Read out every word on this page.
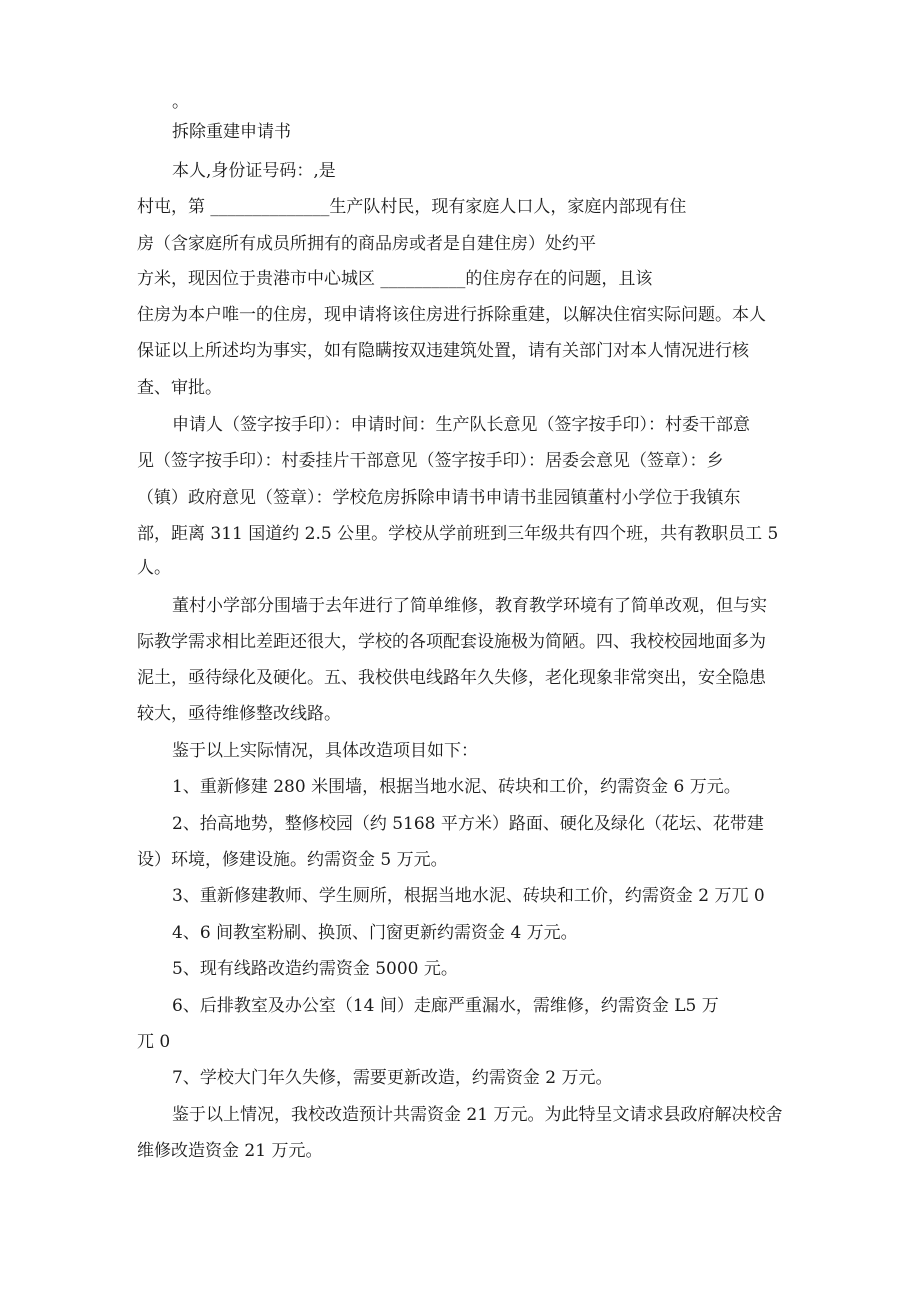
。

拆除重建申请书

本人,身份证号码：,是

村屯，第 ______________生产队村民，现有家庭人口人，家庭内部现有住

房（含家庭所有成员所拥有的商品房或者是自建住房）处约平

方米，现因位于贵港市中心城区 __________的住房存在的问题，且该

住房为本户唯一的住房，现申请将该住房进行拆除重建，以解决住宿实际问题。本人

保证以上所述均为事实，如有隐瞒按双违建筑处置，请有关部门对本人情况进行核

查、审批。

申请人（签字按手印）：申请时间：生产队长意见（签字按手印）：村委干部意

见（签字按手印）：村委挂片干部意见（签字按手印）：居委会意见（签章）：乡

（镇）政府意见（签章）：学校危房拆除申请书申请书韭园镇董村小学位于我镇东

部，距离 311 国道约 2.5 公里。学校从学前班到三年级共有四个班，共有教职员工 5

人。

董村小学部分围墙于去年进行了简单维修，教育教学环境有了简单改观，但与实

际教学需求相比差距还很大，学校的各项配套设施极为简陋。四、我校校园地面多为

泥土，亟待绿化及硬化。五、我校供电线路年久失修，老化现象非常突出，安全隐患

较大，亟待维修整改线路。

鉴于以上实际情况，具体改造项目如下：

1、重新修建 280 米围墙，根据当地水泥、砖块和工价，约需资金 6 万元。

2、抬高地势，整修校园（约 5168 平方米）路面、硬化及绿化（花坛、花带建

设）环境，修建设施。约需资金 5 万元。

3、重新修建教师、学生厕所，根据当地水泥、砖块和工价，约需资金 2 万兀 0

4、6 间教室粉刷、换顶、门窗更新约需资金 4 万元。

5、现有线路改造约需资金 5000 元。

6、后排教室及办公室（14 间）走廊严重漏水，需维修，约需资金 L5 万

兀 0

7、学校大门年久失修，需要更新改造，约需资金 2 万元。

鉴于以上情况，我校改造预计共需资金 21 万元。为此特呈文请求县政府解决校舍

维修改造资金 21 万元。
